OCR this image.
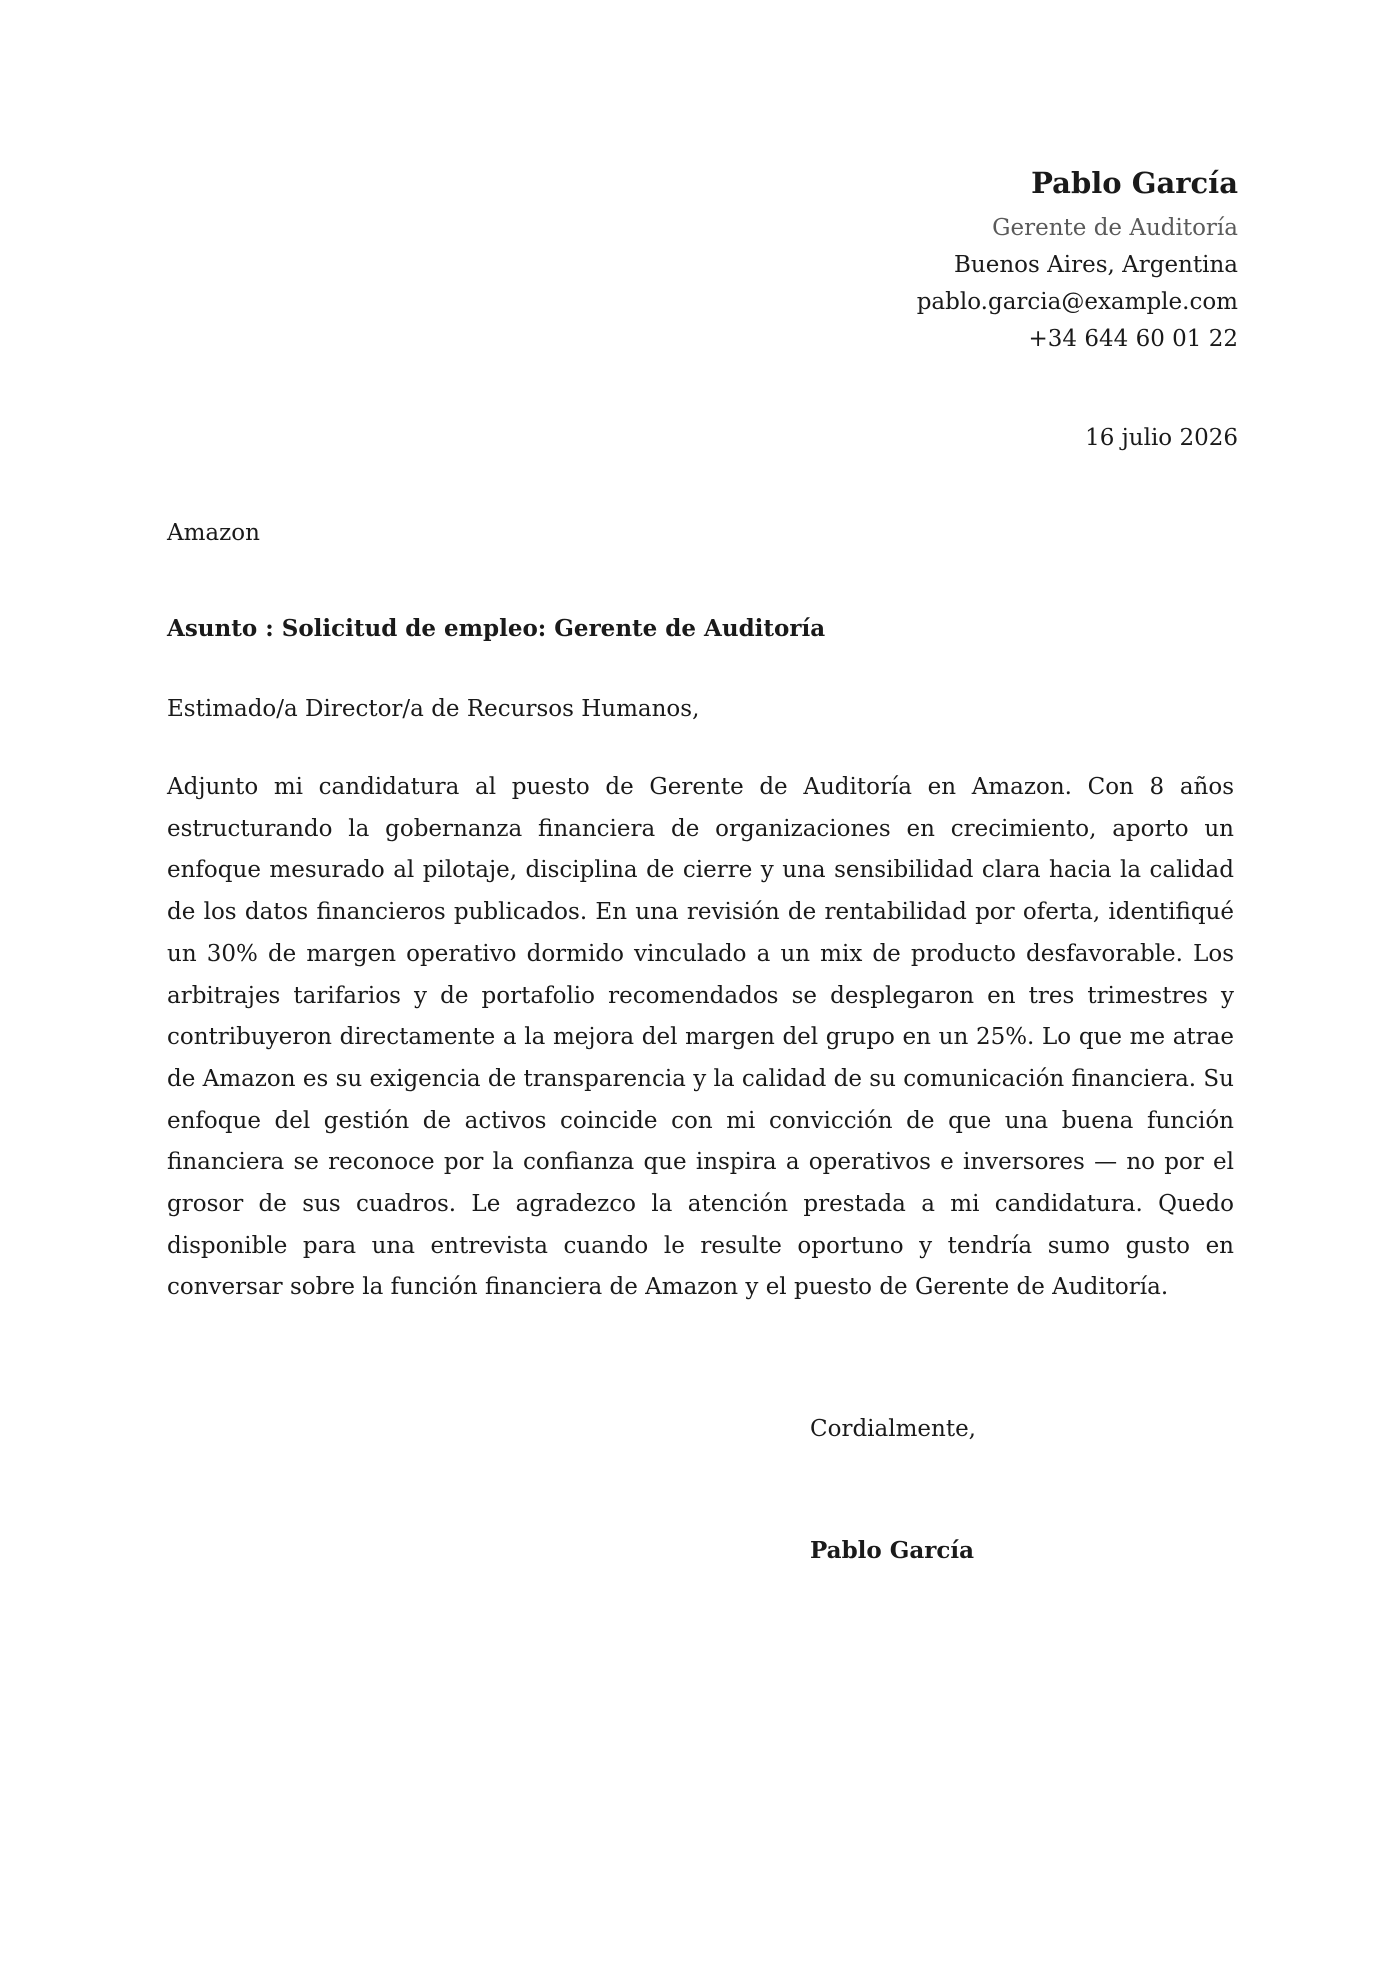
Pablo García
Gerente de Auditoría
Buenos Aires, Argentina
pablo.garcia@example.com
+34 644 60 01 22
16 julio 2026
Amazon
Asunto : Solicitud de empleo: Gerente de Auditoría
Estimado/a Director/a de Recursos Humanos,

Adjunto mi candidatura al puesto de Gerente de Auditoría en Amazon. Con 8 años estructurando la gobernanza financiera de organizaciones en crecimiento, aporto un enfoque mesurado al pilotaje, disciplina de cierre y una sensibilidad clara hacia la calidad de los datos financieros publicados. En una revisión de rentabilidad por oferta, identifiqué un 30% de margen operativo dormido vinculado a un mix de producto desfavorable. Los arbitrajes tarifarios y de portafolio recomendados se desplegaron en tres trimestres y contribuyeron directamente a la mejora del margen del grupo en un 25%. Lo que me atrae de Amazon es su exigencia de transparencia y la calidad de su comunicación financiera. Su enfoque del gestión de activos coincide con mi convicción de que una buena función financiera se reconoce por la confianza que inspira a operativos e inversores — no por el grosor de sus cuadros. Le agradezco la atención prestada a mi candidatura. Quedo disponible para una entrevista cuando le resulte oportuno y tendría sumo gusto en conversar sobre la función financiera de Amazon y el puesto de Gerente de Auditoría.

Cordialmente,
Pablo García
